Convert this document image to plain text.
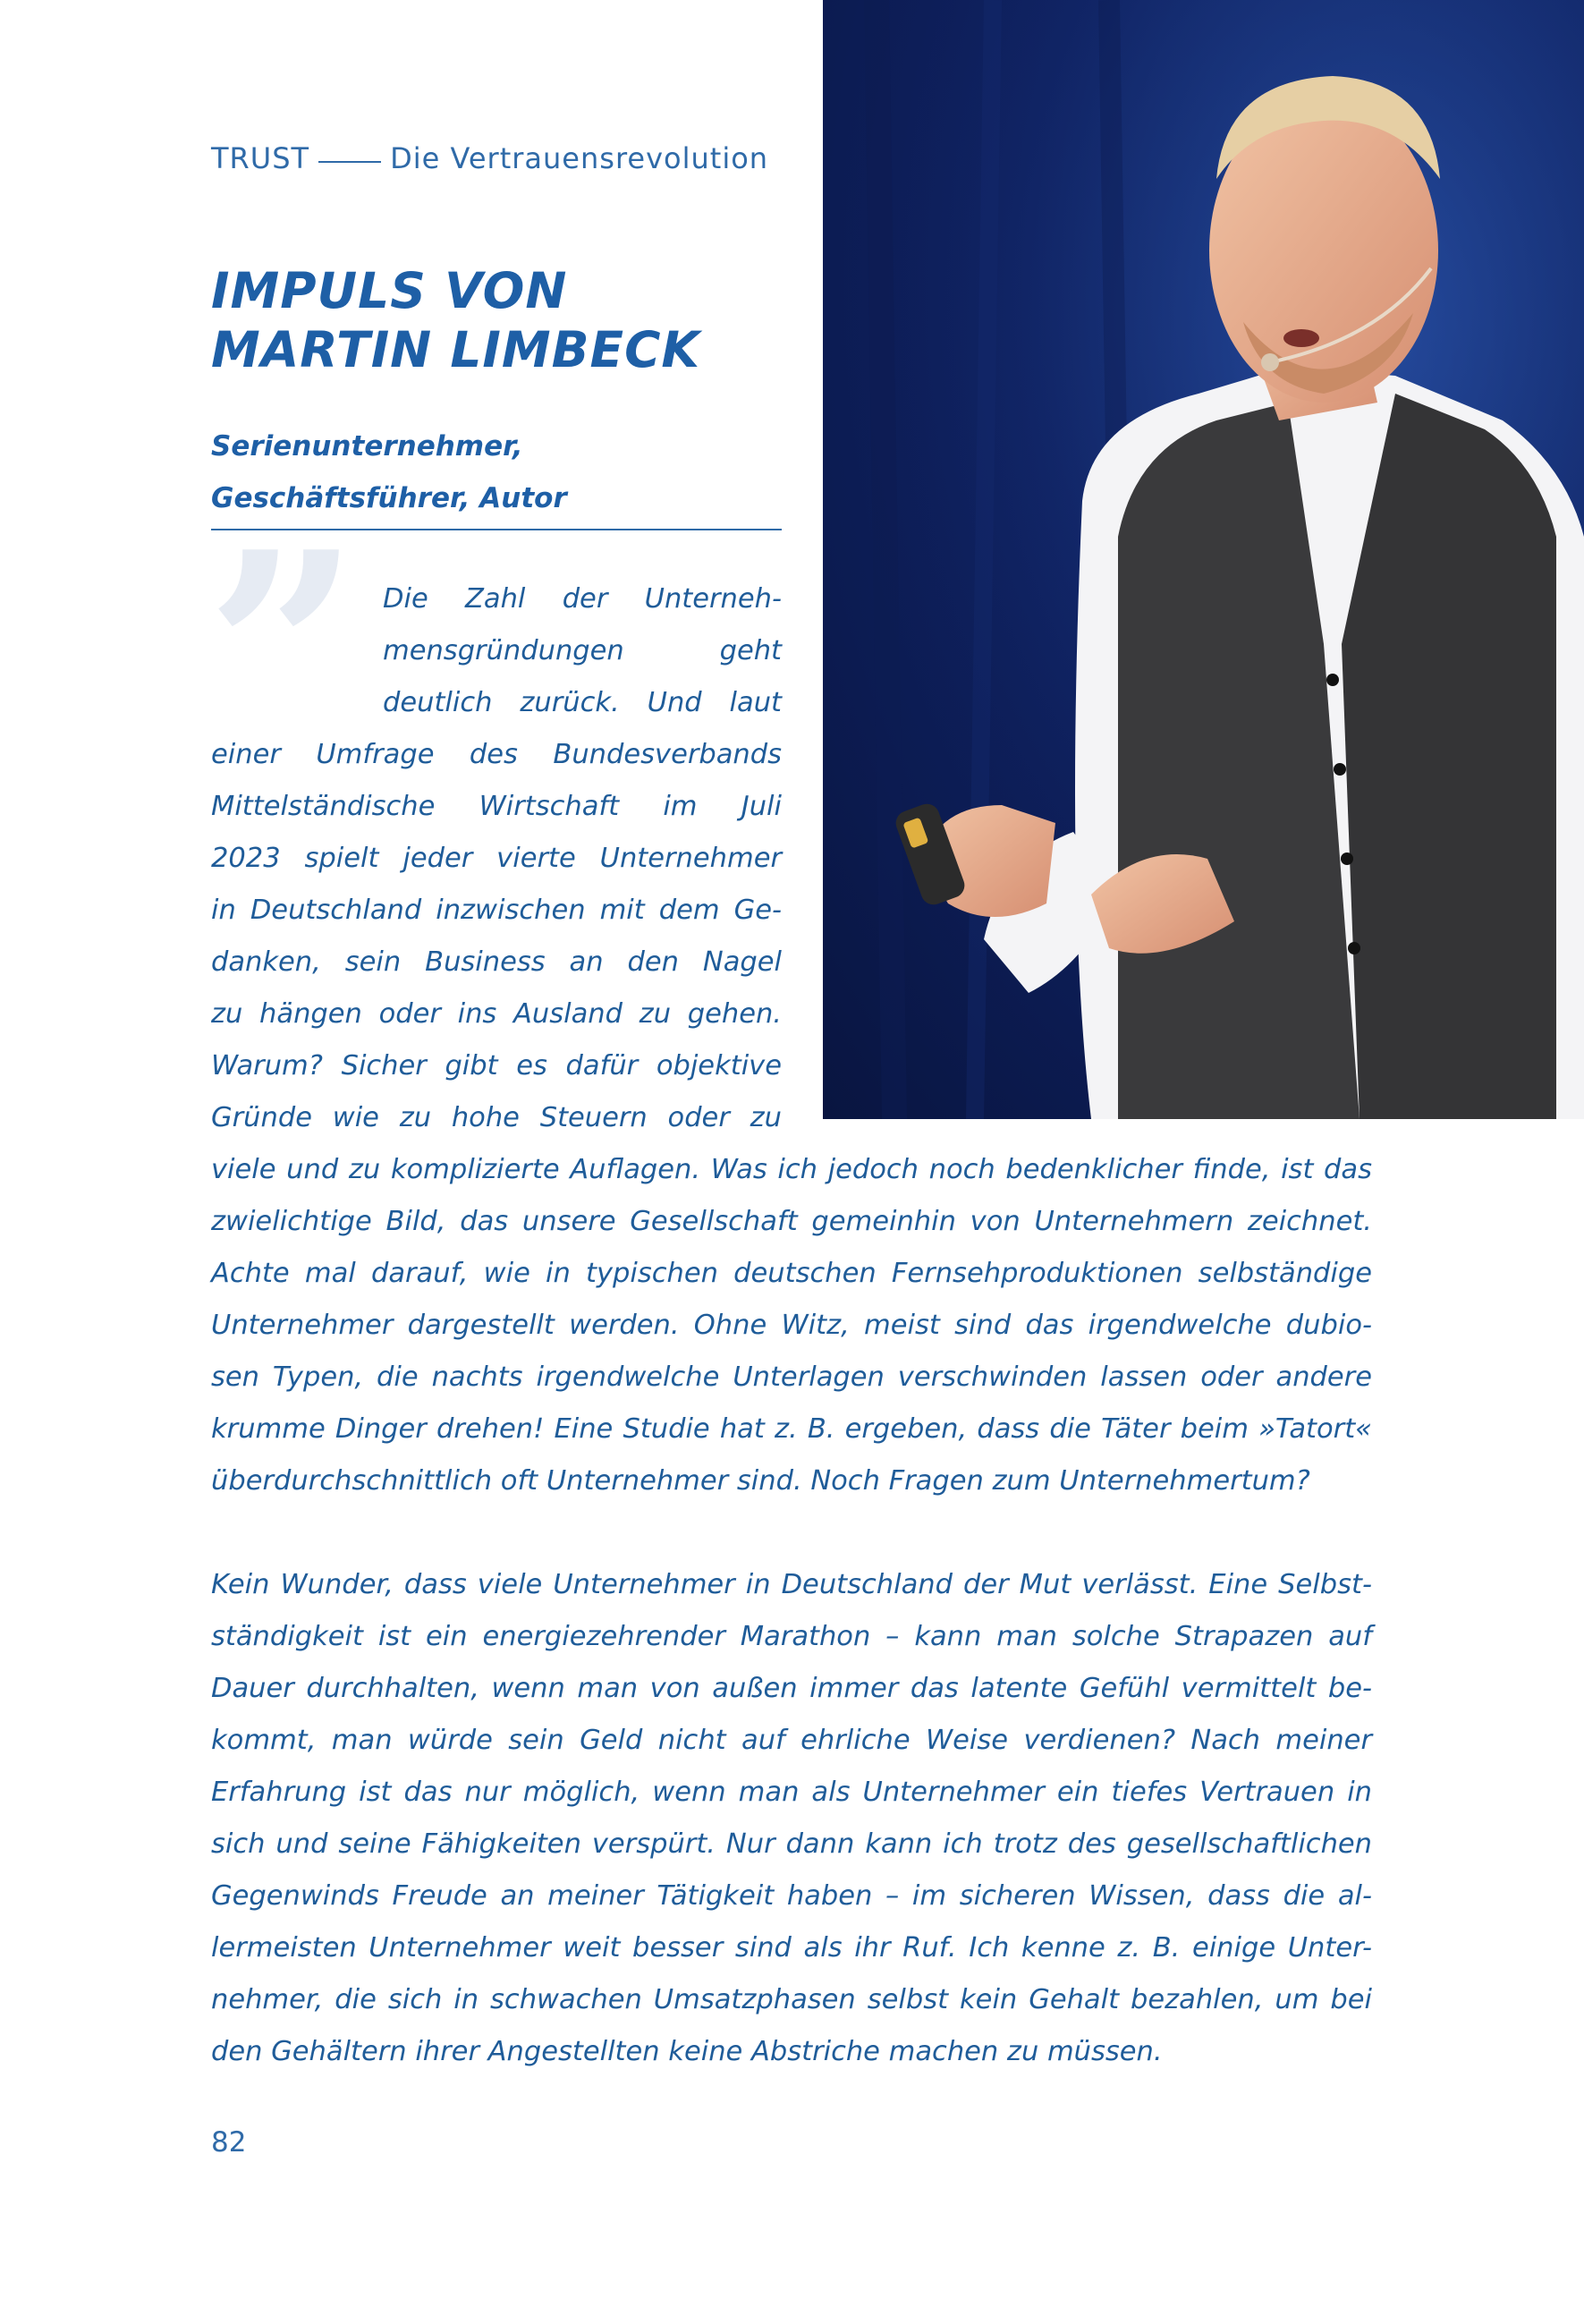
TRUST	Die Vertrauensrevolution
IMPULS VON
MARTIN LIMBECK
Serienunternehmer,
Geschäftsführer, Autor
” Die Zahl der Unterneh-
mensgründungen geht
deutlich zurück. Und laut
einer Umfrage des Bundesverbands
Mittelständische Wirtschaft im Juli
2023 spielt jeder vierte Unternehmer
in Deutschland inzwischen mit dem Ge-
danken, sein Business an den Nagel
zu hängen oder ins Ausland zu gehen.
Warum? Sicher gibt es dafür objektive
Gründe wie zu hohe Steuern oder zu
viele und zu komplizierte Auflagen. Was ich jedoch noch bedenklicher finde, ist das
zwielichtige Bild, das unsere Gesellschaft gemeinhin von Unternehmern zeichnet.
Achte mal darauf, wie in typischen deutschen Fernsehproduktionen selbständige
Unternehmer dargestellt werden. Ohne Witz, meist sind das irgendwelche dubio-
sen Typen, die nachts irgendwelche Unterlagen verschwinden lassen oder andere
krumme Dinger drehen! Eine Studie hat z. B. ergeben, dass die Täter beim »Tatort«
überdurchschnittlich oft Unternehmer sind. Noch Fragen zum Unternehmertum?
Kein Wunder, dass viele Unternehmer in Deutschland der Mut verlässt. Eine Selbst-
ständigkeit ist ein energiezehrender Marathon – kann man solche Strapazen auf
Dauer durchhalten, wenn man von außen immer das latente Gefühl vermittelt be-
kommt, man würde sein Geld nicht auf ehrliche Weise verdienen? Nach meiner
Erfahrung ist das nur möglich, wenn man als Unternehmer ein tiefes Vertrauen in
sich und seine Fähigkeiten verspürt. Nur dann kann ich trotz des gesellschaftlichen
Gegenwinds Freude an meiner Tätigkeit haben – im sicheren Wissen, dass die al-
lermeisten Unternehmer weit besser sind als ihr Ruf. Ich kenne z. B. einige Unter-
nehmer, die sich in schwachen Umsatzphasen selbst kein Gehalt bezahlen, um bei
den Gehältern ihrer Angestellten keine Abstriche machen zu müssen.
82
